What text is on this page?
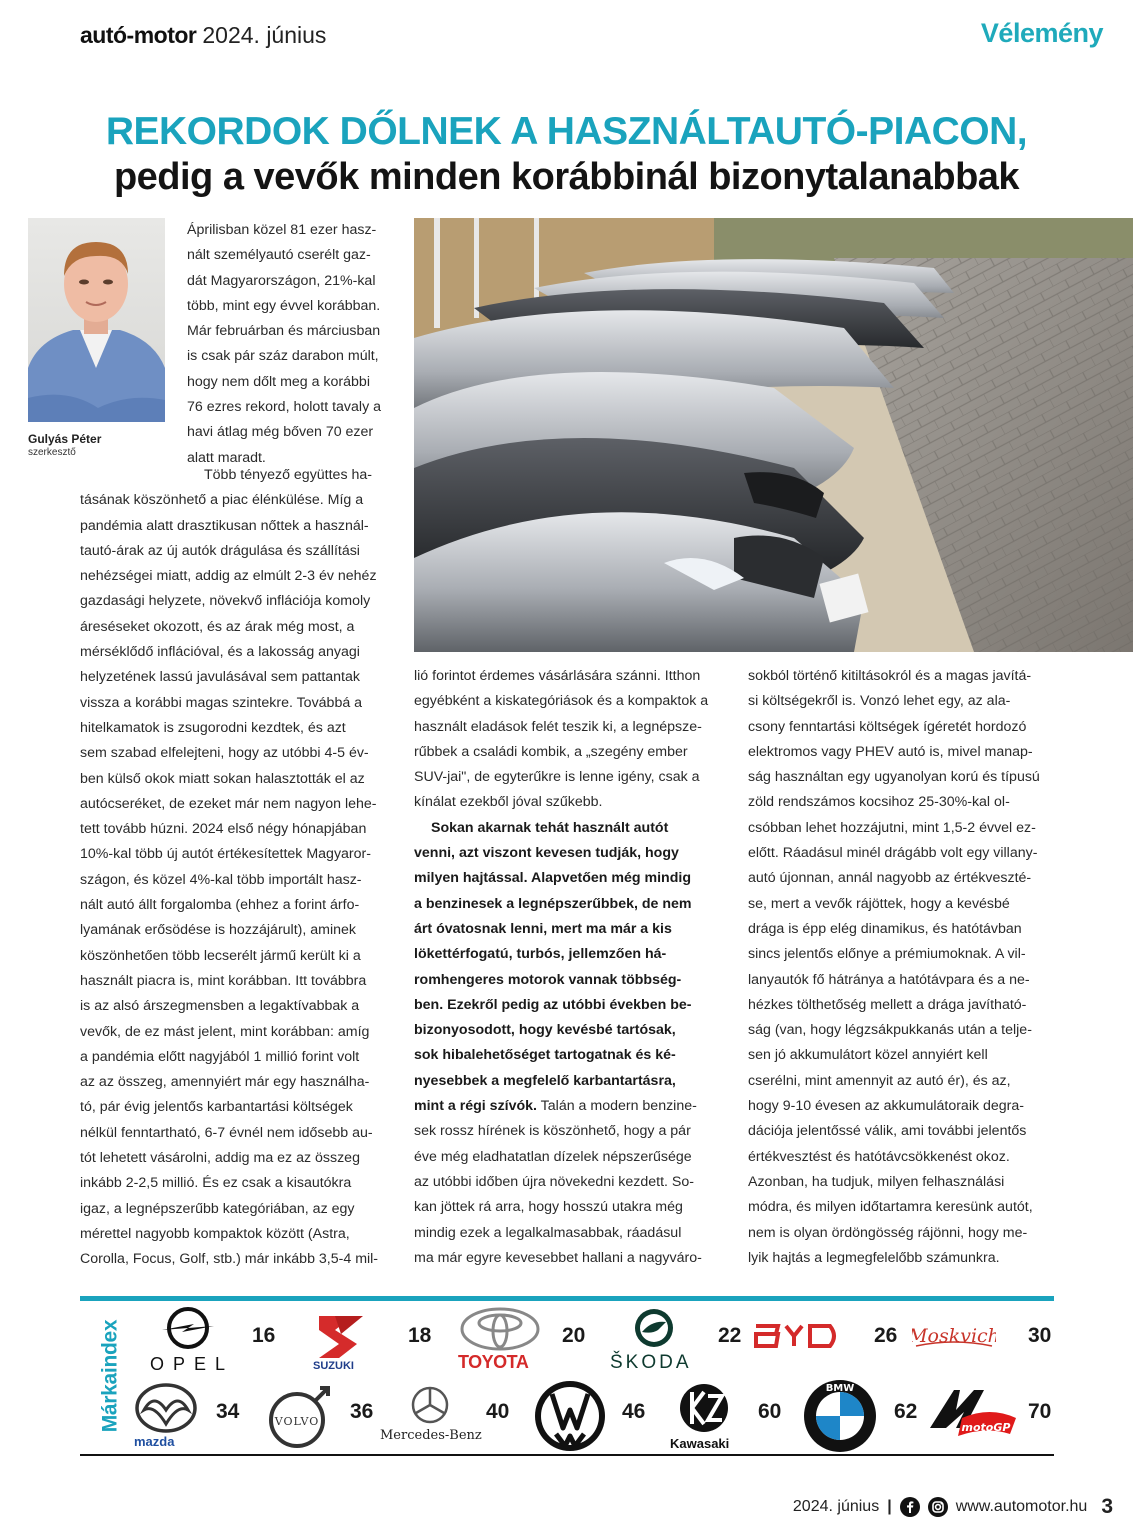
autó-motor 2024. június	Vélemény
REKORDOK DŐLNEK A HASZNÁLTAUTÓ-PIACON,
pedig a vevők minden korábbinál bizonytalanabbak
Gulyás Péter
szerkesztő
Áprilisban közel 81 ezer hasz-
nált személyautó cserélt gaz-
dát Magyarországon, 21%-kal
több, mint egy évvel korábban.
Már februárban és márciusban
is csak pár száz darabon múlt,
hogy nem dőlt meg a korábbi
76 ezres rekord, holott tavaly a
havi átlag még bőven 70 ezer
alatt maradt.
Több tényező együttes ha-
tásának köszönhető a piac élénkülése. Míg a
pandémia alatt drasztikusan nőttek a használ-
tautó-árak az új autók drágulása és szállítási
nehézségei miatt, addig az elmúlt 2-3 év nehéz
gazdasági helyzete, növekvő inflációja komoly
áreséseket okozott, és az árak még most, a
mérséklődő inflációval, és a lakosság anyagi
helyzetének lassú javulásával sem pattantak
vissza a korábbi magas szintekre. Továbbá a
hitelkamatok is zsugorodni kezdtek, és azt
sem szabad elfelejteni, hogy az utóbbi 4-5 év-
ben külső okok miatt sokan halasztották el az
autócseréket, de ezeket már nem nagyon lehe-
tett tovább húzni. 2024 első négy hónapjában
10%-kal több új autót értékesítettek Magyaror-
szágon, és közel 4%-kal több importált hasz-
nált autó állt forgalomba (ehhez a forint árfo-
lyamának erősödése is hozzájárult), aminek
köszönhetően több lecserélt jármű került ki a
használt piacra is, mint korábban. Itt továbbra
is az alsó árszegmensben a legaktívabbak a
vevők, de ez mást jelent, mint korábban: amíg
a pandémia előtt nagyjából 1 millió forint volt
az az összeg, amennyiért már egy használha-
tó, pár évig jelentős karbantartási költségek
nélkül fenntartható, 6-7 évnél nem idősebb au-
tót lehetett vásárolni, addig ma ez az összeg
inkább 2-2,5 millió. És ez csak a kisautókra
igaz, a legnépszerűbb kategóriában, az egy
mérettel nagyobb kompaktok között (Astra,
Corolla, Focus, Golf, stb.) már inkább 3,5-4 mil-
lió forintot érdemes vásárlására szánni. Itthon
egyébként a kiskategóriások és a kompaktok a
használt eladások felét teszik ki, a legnépsze-
rűbbek a családi kombik, a „szegény ember
SUV-jai", de egyterűkre is lenne igény, csak a
kínálat ezekből jóval szűkebb.
Sokan akarnak tehát használt autót
venni, azt viszont kevesen tudják, hogy
milyen hajtással. Alapvetően még mindig
a benzinesek a legnépszerűbbek, de nem
árt óvatosnak lenni, mert ma már a kis
lökettérfogatú, turbós, jellemzően há-
romhengeres motorok vannak többség-
ben. Ezekről pedig az utóbbi években be-
bizonyosodott, hogy kevésbé tartósak,
sok hibalehetőséget tartogatnak és ké-
nyesebbek a megfelelő karbantartásra,
mint a régi szívók. Talán a modern benzine-
sek rossz hírének is köszönhető, hogy a pár
éve még eladhatatlan dízelek népszerűsége
az utóbbi időben újra növekedni kezdett. So-
kan jöttek rá arra, hogy hosszú utakra még
mindig ezek a legalkalmasabbak, ráadásul
ma már egyre kevesebbet hallani a nagyváro-
sokból történő kitiltásokról és a magas javítá-
si költségekről is. Vonzó lehet egy, az ala-
csony fenntartási költségek ígéretét hordozó
elektromos vagy PHEV autó is, mivel manap-
ság használtan egy ugyanolyan korú és típusú
zöld rendszámos kocsihoz 25-30%-kal ol-
csóbban lehet hozzájutni, mint 1,5-2 évvel ez-
előtt. Ráadásul minél drágább volt egy villany-
autó újonnan, annál nagyobb az értékveszté-
se, mert a vevők rájöttek, hogy a kevésbé
drága is épp elég dinamikus, és hatótávban
sincs jelentős előnye a prémiumoknak. A vil-
lanyautók fő hátránya a hatótávpara és a ne-
hézkes tölthetőség mellett a drága javítható-
ság (van, hogy légzsákpukkanás után a telje-
sen jó akkumulátort közel annyiért kell
cserélni, mint amennyit az autó ér), és az,
hogy 9-10 évesen az akkumulátoraik degra-
dációja jelentőssé válik, ami további jelentős
értékvesztést és hatótávcsökkenést okoz.
Azonban, ha tudjuk, milyen felhasználási
módra, és milyen időtartamra keresünk autót,
nem is olyan ördöngösség rájönni, hogy me-
lyik hajtás a legmegfelelőbb számunkra.
Márkaindex OPEL
16
SUZUKI
18
TOYOTA
20
ŠKODA
22	26 Moskvich 30
mazda
34	VOLVO 36
Mercedes-Benz
40	46
Kawasaki
60
BMW
62
motoGP
70
2024. június |	www.automotor.hu 3
